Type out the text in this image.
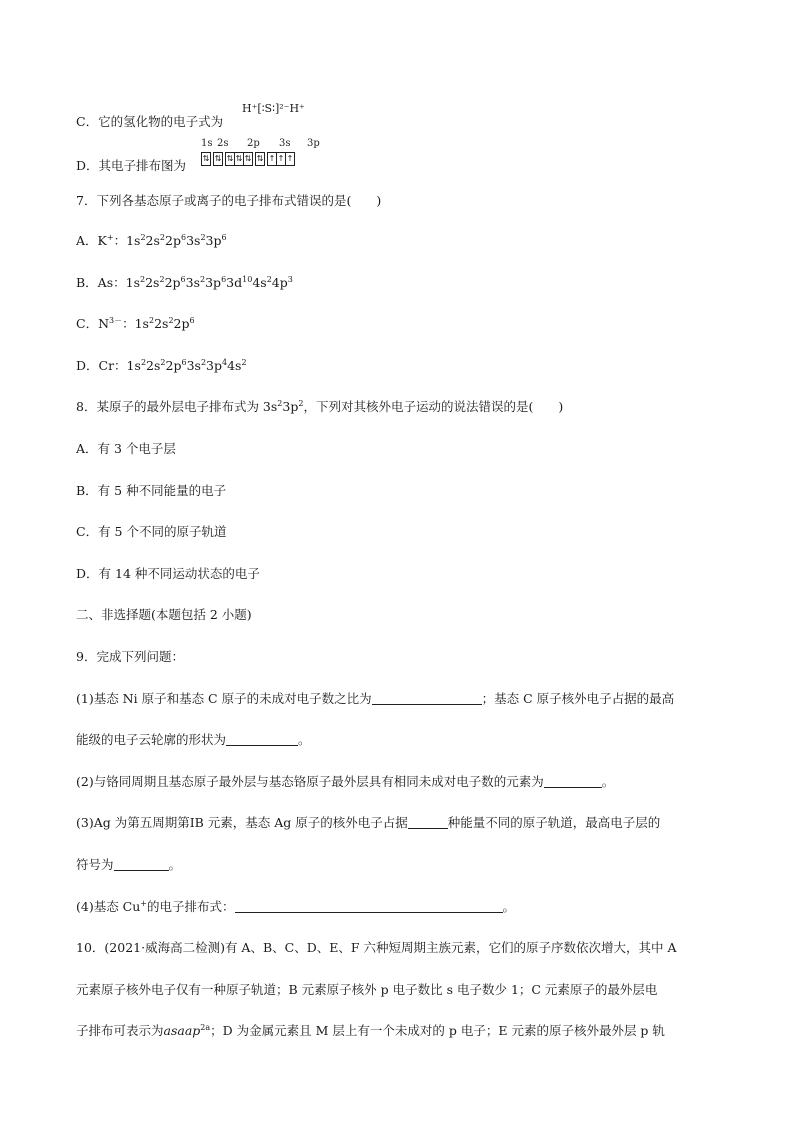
C．它的氢化物的电子式为
H⁺[∶S∶]²⁻H⁺
D．其电子排布图为
1s 2s 2p 3s 3p
⇅ ⇅ ⇅ ⇅ ⇅ ⇅ ↑ ↑ ↑
7．下列各基态原子或离子的电子排布式错误的是(　　)
A．K+：$1s^22s^22p^63s^23p^6$
B．As：$1s^22s^22p^63s^23p^63d^{10}4s^24p^3$
C．$N^{3-}$：$1s^22s^22p^6$
D．Cr：$1s^22s^22p^63s^23p^44s^2$
8．某原子的最外层电子排布式为 $3s^23p^2$，下列对其核外电子运动的说法错误的是(　　)
A．有 3 个电子层
B．有 5 种不同能量的电子
C．有 5 个不同的原子轨道
D．有 14 种不同运动状态的电子
二、非选择题(本题包括 2 小题)
9．完成下列问题：
(1)基态 Ni 原子和基态 C 原子的未成对电子数之比为	；基态 C 原子核外电子占据的最高
能级的电子云轮廓的形状为	。
(2)与铬同周期且基态原子最外层与基态铬原子最外层具有相同未成对电子数的元素为	。
(3)Ag 为第五周期第ⅠB 元素，基态 Ag 原子的核外电子占据	种能量不同的原子轨道，最高电子层的
符号为	。
(4)基态 Cu+的电子排布式：	。
10．(2021·威海高二检测)有 A、B、C、D、E、F 六种短周期主族元素，它们的原子序数依次增大，其中 A
元素原子核外电子仅有一种原子轨道；B 元素原子核外 p 电子数比 s 电子数少 1；C 元素原子的最外层电
子排布可表示为asaap$^{2a}$；D 为金属元素且 M 层上有一个未成对的 p 电子；E 元素的原子核外最外层 p 轨
